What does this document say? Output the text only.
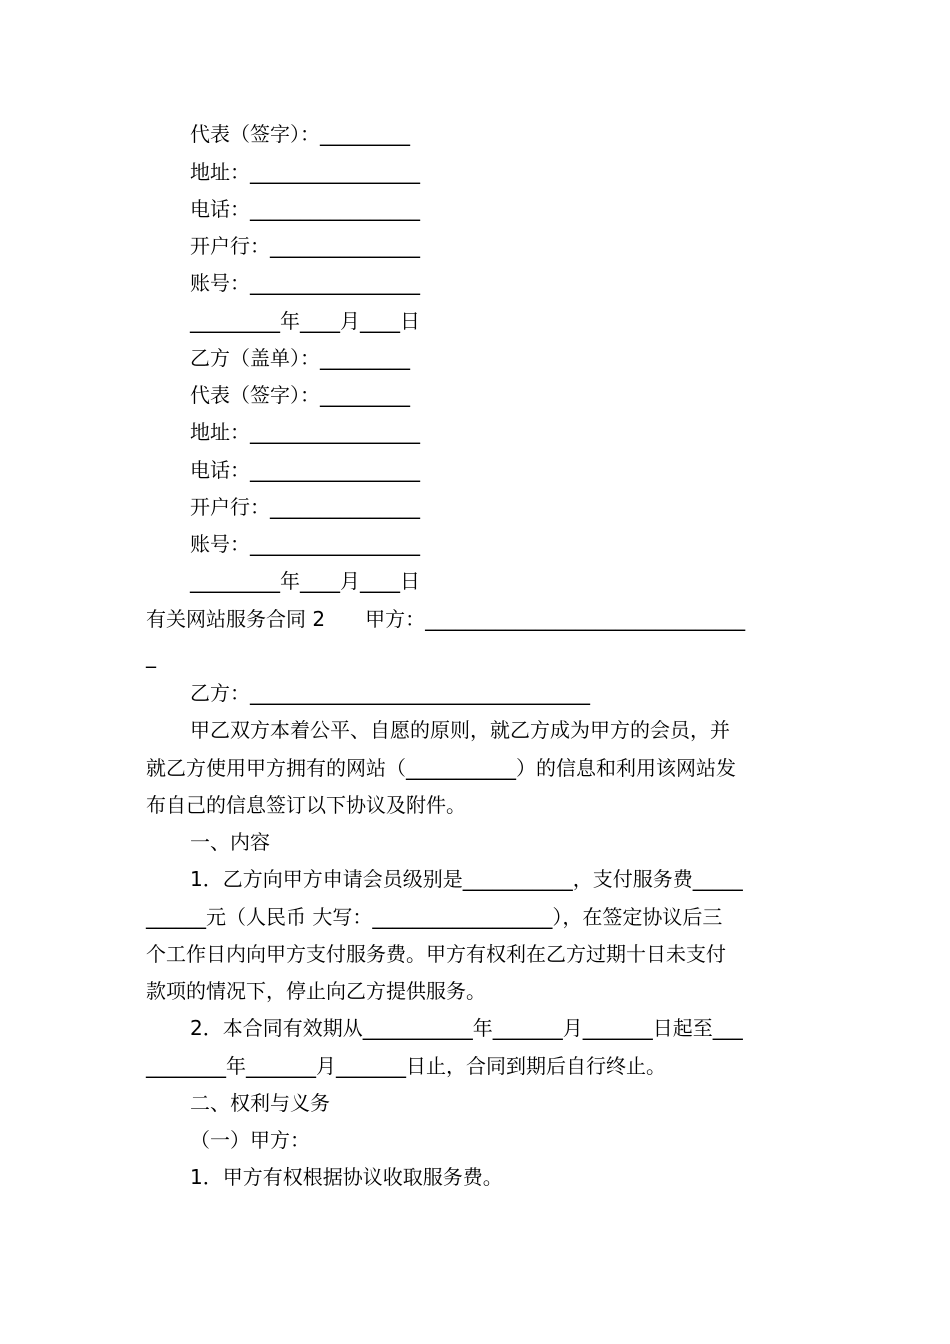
代表（签字）：_________
地址：_________________
电话：_________________
开户行：_______________
账号：_________________
_________年____月____日
乙方（盖单）：_________
代表（签字）：_________
地址：_________________
电话：_________________
开户行：_______________
账号：_________________
_________年____月____日
有关网站服务合同 2　　甲方：________________________________
_
乙方：__________________________________
甲乙双方本着公平、自愿的原则，就乙方成为甲方的会员，并
就乙方使用甲方拥有的网站（___________）的信息和利用该网站发
布自己的信息签订以下协议及附件。
一、内容
1．乙方向甲方申请会员级别是___________，支付服务费_____
______元（人民币 大写：__________________），在签定协议后三
个工作日内向甲方支付服务费。甲方有权利在乙方过期十日未支付
款项的情况下，停止向乙方提供服务。
2．本合同有效期从___________年_______月_______日起至___
________年_______月_______日止，合同到期后自行终止。
二、权利与义务
（一）甲方：
1．甲方有权根据协议收取服务费。
